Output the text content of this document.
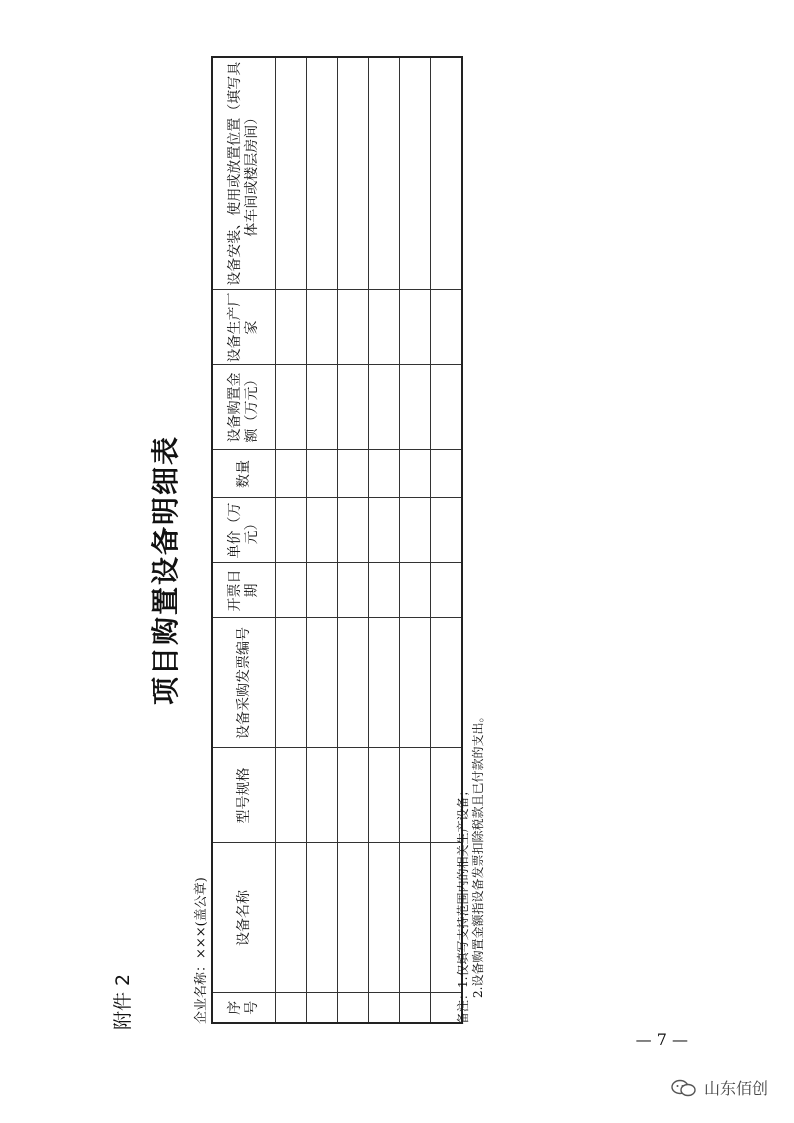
附件 2
项目购置设备明细表
企业名称：×××(盖公章) 序号	设备名称	型号规格	设备采购发票编号	开票日期	单价（万元）	数量	设备购置金额（万元）	设备生产厂家	设备安装、使用或放置位置（填写具体车间或楼层房间）

备注：1.仅填写支持范围内的相关生产设备； 2.设备购置金额指设备发票扣除税款且已付款的支出。
— 7 —
山东佰创
